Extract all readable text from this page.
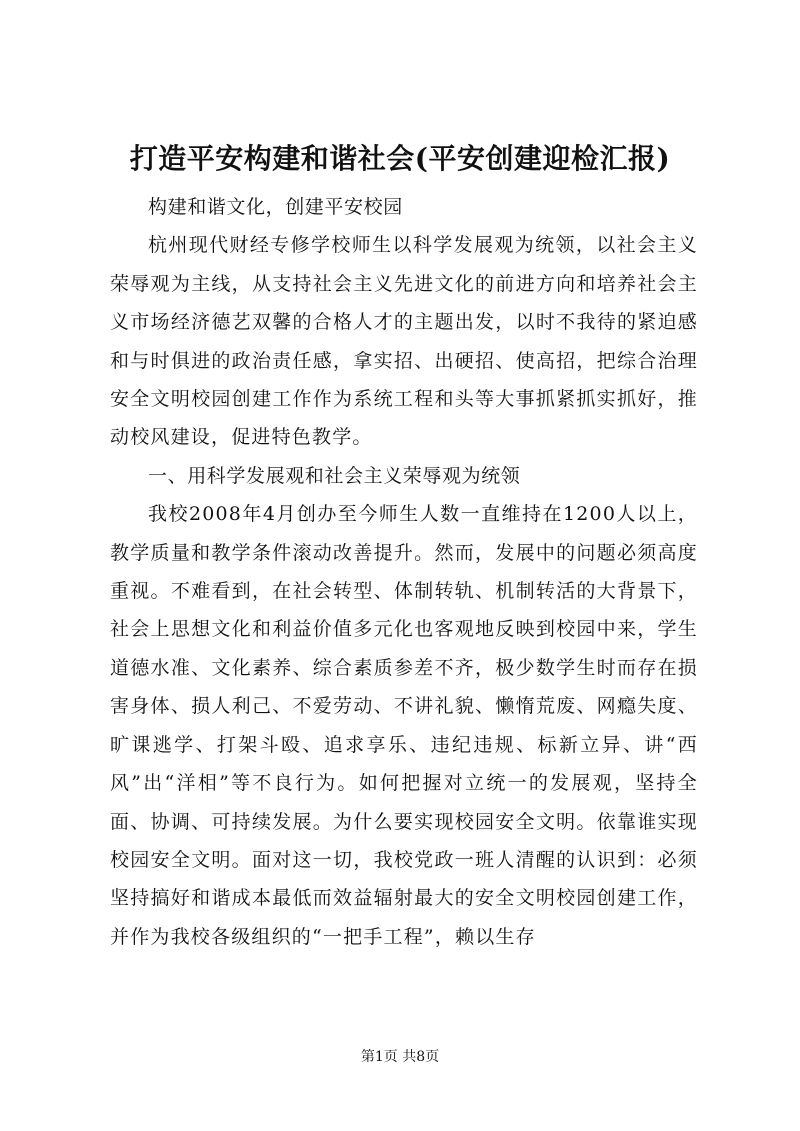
打造平安构建和谐社会(平安创建迎检汇报)

构建和谐文化，创建平安校园

杭州现代财经专修学校师生以科学发展观为统领，以社会主义荣辱观为主线，从支持社会主义先进文化的前进方向和培养社会主义市场经济德艺双馨的合格人才的主题出发，以时不我待的紧迫感和与时俱进的政治责任感，拿实招、出硬招、使高招，把综合治理安全文明校园创建工作作为系统工程和头等大事抓紧抓实抓好，推动校风建设，促进特色教学。

一、用科学发展观和社会主义荣辱观为统领

我校2008年4月创办至今师生人数一直维持在1200人以上，教学质量和教学条件滚动改善提升。然而，发展中的问题必须高度重视。不难看到，在社会转型、体制转轨、机制转活的大背景下，社会上思想文化和利益价值多元化也客观地反映到校园中来，学生道德水准、文化素养、综合素质参差不齐，极少数学生时而存在损害身体、损人利己、不爱劳动、不讲礼貌、懒惰荒废、网瘾失度、旷课逃学、打架斗殴、追求享乐、违纪违规、标新立异、讲“西风”出“洋相”等不良行为。如何把握对立统一的发展观，坚持全面、协调、可持续发展。为什么要实现校园安全文明。依靠谁实现校园安全文明。面对这一切，我校党政一班人清醒的认识到：必须坚持搞好和谐成本最低而效益辐射最大的安全文明校园创建工作，并作为我校各级组织的“一把手工程”，赖以生存

第1页 共8页
